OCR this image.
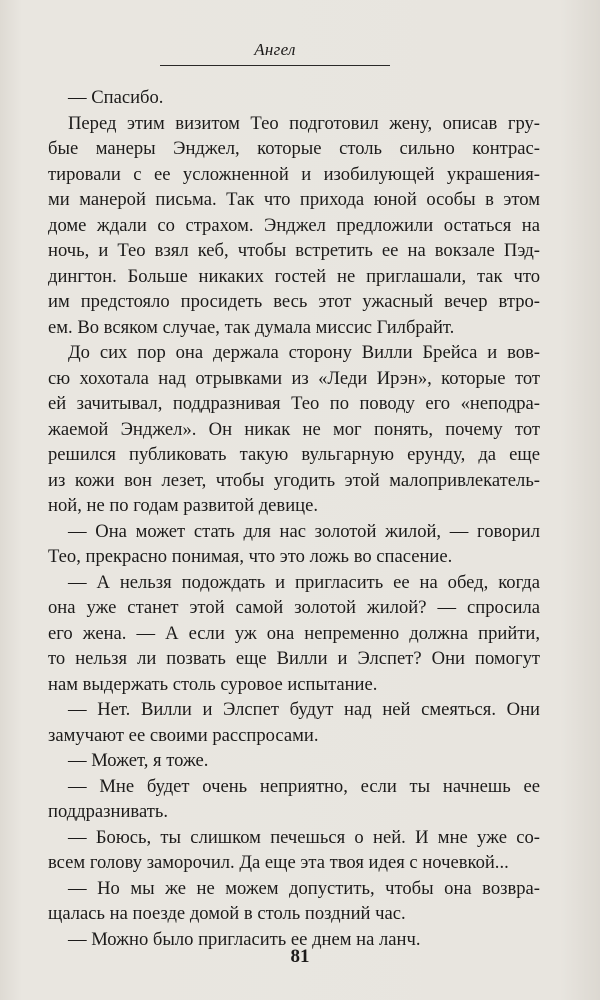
Ангел

— Спасибо.

Перед этим визитом Тео подготовил жену, описав гру-
бые манеры Энджел, которые столь сильно контрас-
тировали с ее усложненной и изобилующей украшения-
ми манерой письма. Так что прихода юной особы в этом
доме ждали со страхом. Энджел предложили остаться на
ночь, и Тео взял кеб, чтобы встретить ее на вокзале Пэд-
дингтон. Больше никаких гостей не приглашали, так что
им предстояло просидеть весь этот ужасный вечер втро-
ем. Во всяком случае, так думала миссис Гилбрайт.

До сих пор она держала сторону Вилли Брейса и вов-
сю хохотала над отрывками из «Леди Ирэн», которые тот
ей зачитывал, поддразнивая Тео по поводу его «неподра-
жаемой Энджел». Он никак не мог понять, почему тот
решился публиковать такую вульгарную ерунду, да еще
из кожи вон лезет, чтобы угодить этой малопривлекатель-
ной, не по годам развитой девице.

— Она может стать для нас золотой жилой, — говорил
Тео, прекрасно понимая, что это ложь во спасение.

— А нельзя подождать и пригласить ее на обед, когда
она уже станет этой самой золотой жилой? — спросила
его жена. — А если уж она непременно должна прийти,
то нельзя ли позвать еще Вилли и Элспет? Они помогут
нам выдержать столь суровое испытание.

— Нет. Вилли и Элспет будут над ней смеяться. Они
замучают ее своими расспросами.

— Может, я тоже.

— Мне будет очень неприятно, если ты начнешь ее
поддразнивать.

— Боюсь, ты слишком печешься о ней. И мне уже со-
всем голову заморочил. Да еще эта твоя идея с ночевкой...

— Но мы же не можем допустить, чтобы она возвра-
щалась на поезде домой в столь поздний час.

— Можно было пригласить ее днем на ланч.

81
